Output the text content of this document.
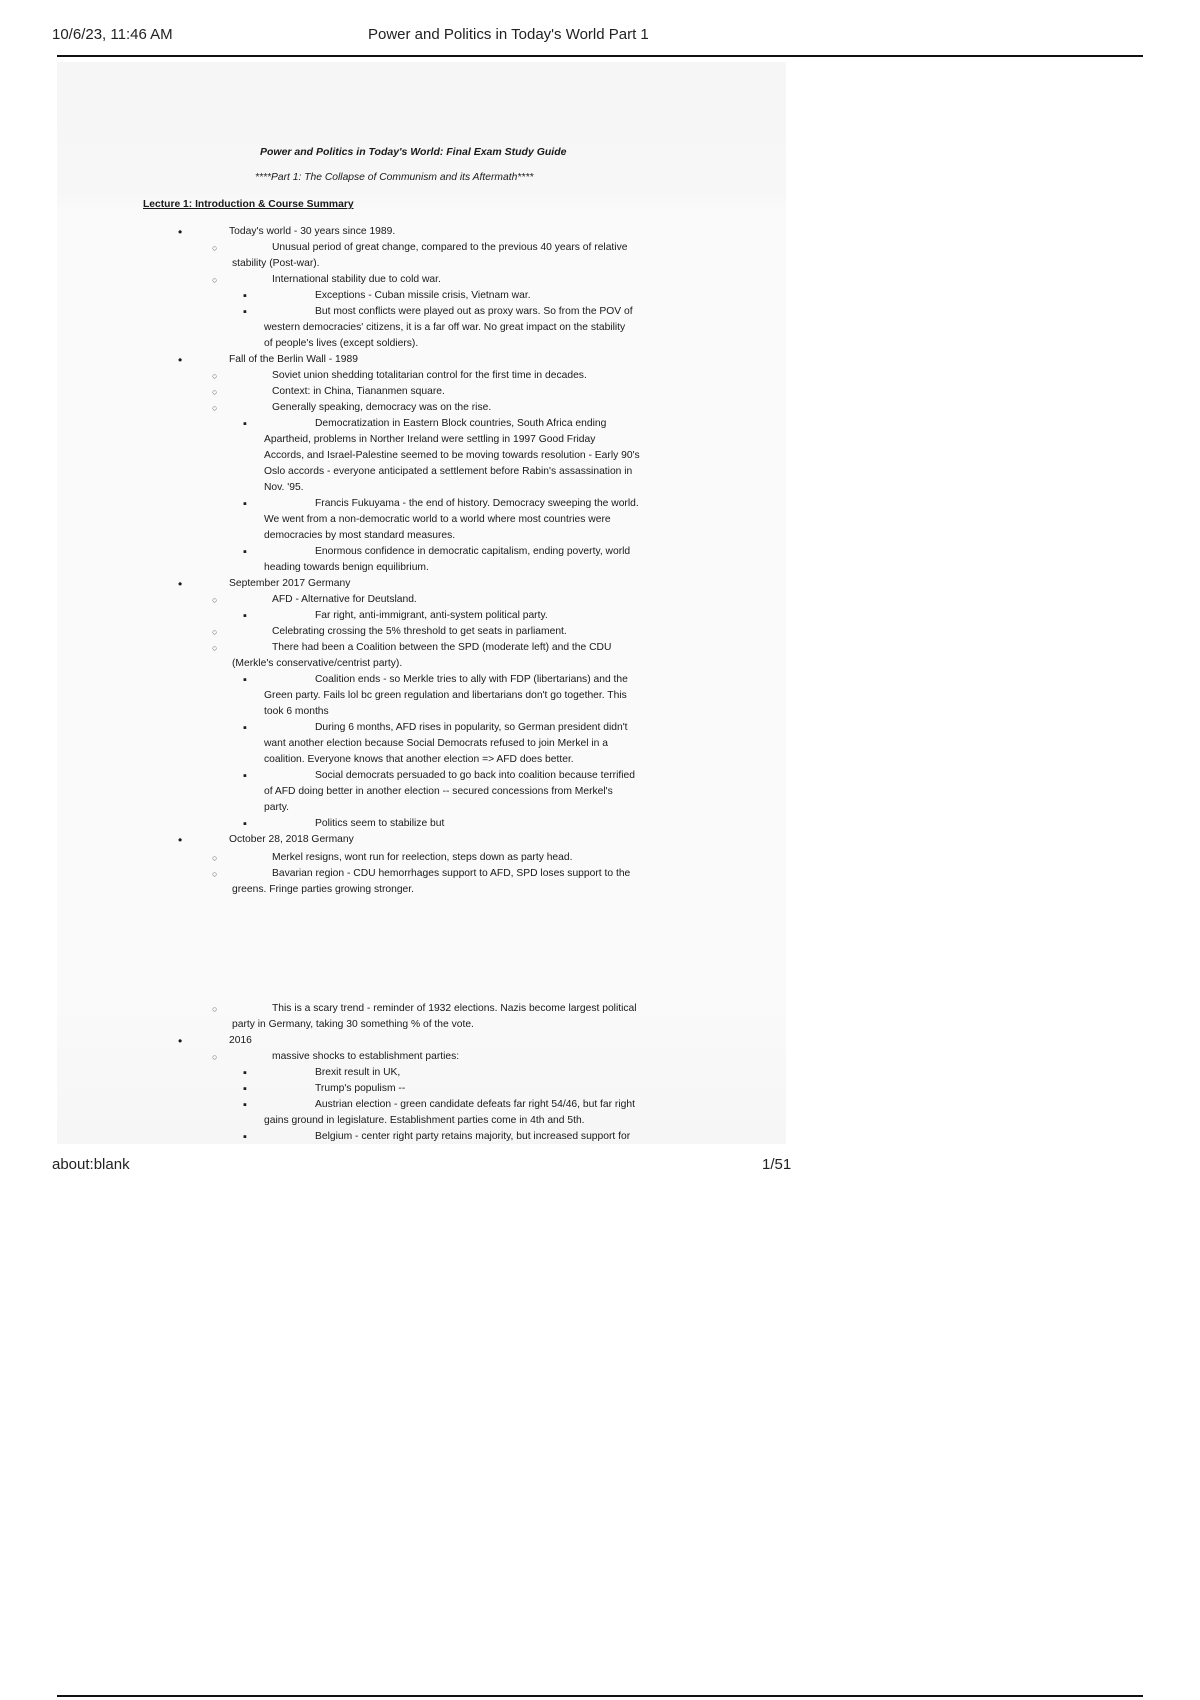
10/6/23, 11:46 AM	Power and Politics in Today's World Part 1
Power and Politics in Today's World: Final Exam Study Guide
****Part 1: The Collapse of Communism and its Aftermath****
Lecture 1: Introduction & Course Summary
•	Today's world - 30 years since 1989.
○	Unusual period of great change, compared to the previous 40 years of relative
stability (Post-war).
○	International stability due to cold war.
▪	Exceptions - Cuban missile crisis, Vietnam war.
▪	But most conflicts were played out as proxy wars. So from the POV of
western democracies' citizens, it is a far off war. No great impact on the stability
of people's lives (except soldiers).
•	Fall of the Berlin Wall - 1989
○	Soviet union shedding totalitarian control for the first time in decades.
○	Context: in China, Tiananmen square.
○	Generally speaking, democracy was on the rise.
▪	Democratization in Eastern Block countries, South Africa ending
Apartheid, problems in Norther Ireland were settling in 1997 Good Friday
Accords, and Israel-Palestine seemed to be moving towards resolution - Early 90's
Oslo accords - everyone anticipated a settlement before Rabin's assassination in
Nov. '95.
▪	Francis Fukuyama - the end of history. Democracy sweeping the world.
We went from a non-democratic world to a world where most countries were
democracies by most standard measures.
▪	Enormous confidence in democratic capitalism, ending poverty, world
heading towards benign equilibrium.
•	September 2017 Germany
○	AFD - Alternative for Deutsland.
▪	Far right, anti-immigrant, anti-system political party.
○	Celebrating crossing the 5% threshold to get seats in parliament.
○	There had been a Coalition between the SPD (moderate left) and the CDU
(Merkle's conservative/centrist party).
▪	Coalition ends - so Merkle tries to ally with FDP (libertarians) and the
Green party. Fails lol bc green regulation and libertarians don't go together. This
took 6 months
▪	During 6 months, AFD rises in popularity, so German president didn't
want another election because Social Democrats refused to join Merkel in a
coalition. Everyone knows that another election => AFD does better.
▪	Social democrats persuaded to go back into coalition because terrified
of AFD doing better in another election -- secured concessions from Merkel's
party.
▪	Politics seem to stabilize but
•	October 28, 2018 Germany
○	Merkel resigns, wont run for reelection, steps down as party head.
○	Bavarian region - CDU hemorrhages support to AFD, SPD loses support to the
greens. Fringe parties growing stronger.
○	This is a scary trend - reminder of 1932 elections. Nazis become largest political
party in Germany, taking 30 something % of the vote.
•	2016
○	massive shocks to establishment parties:
▪	Brexit result in UK,
▪	Trump's populism --
▪	Austrian election - green candidate defeats far right 54/46, but far right
gains ground in legislature. Establishment parties come in 4th and 5th.
▪	Belgium - center right party retains majority, but increased support for
about:blank	1/51
